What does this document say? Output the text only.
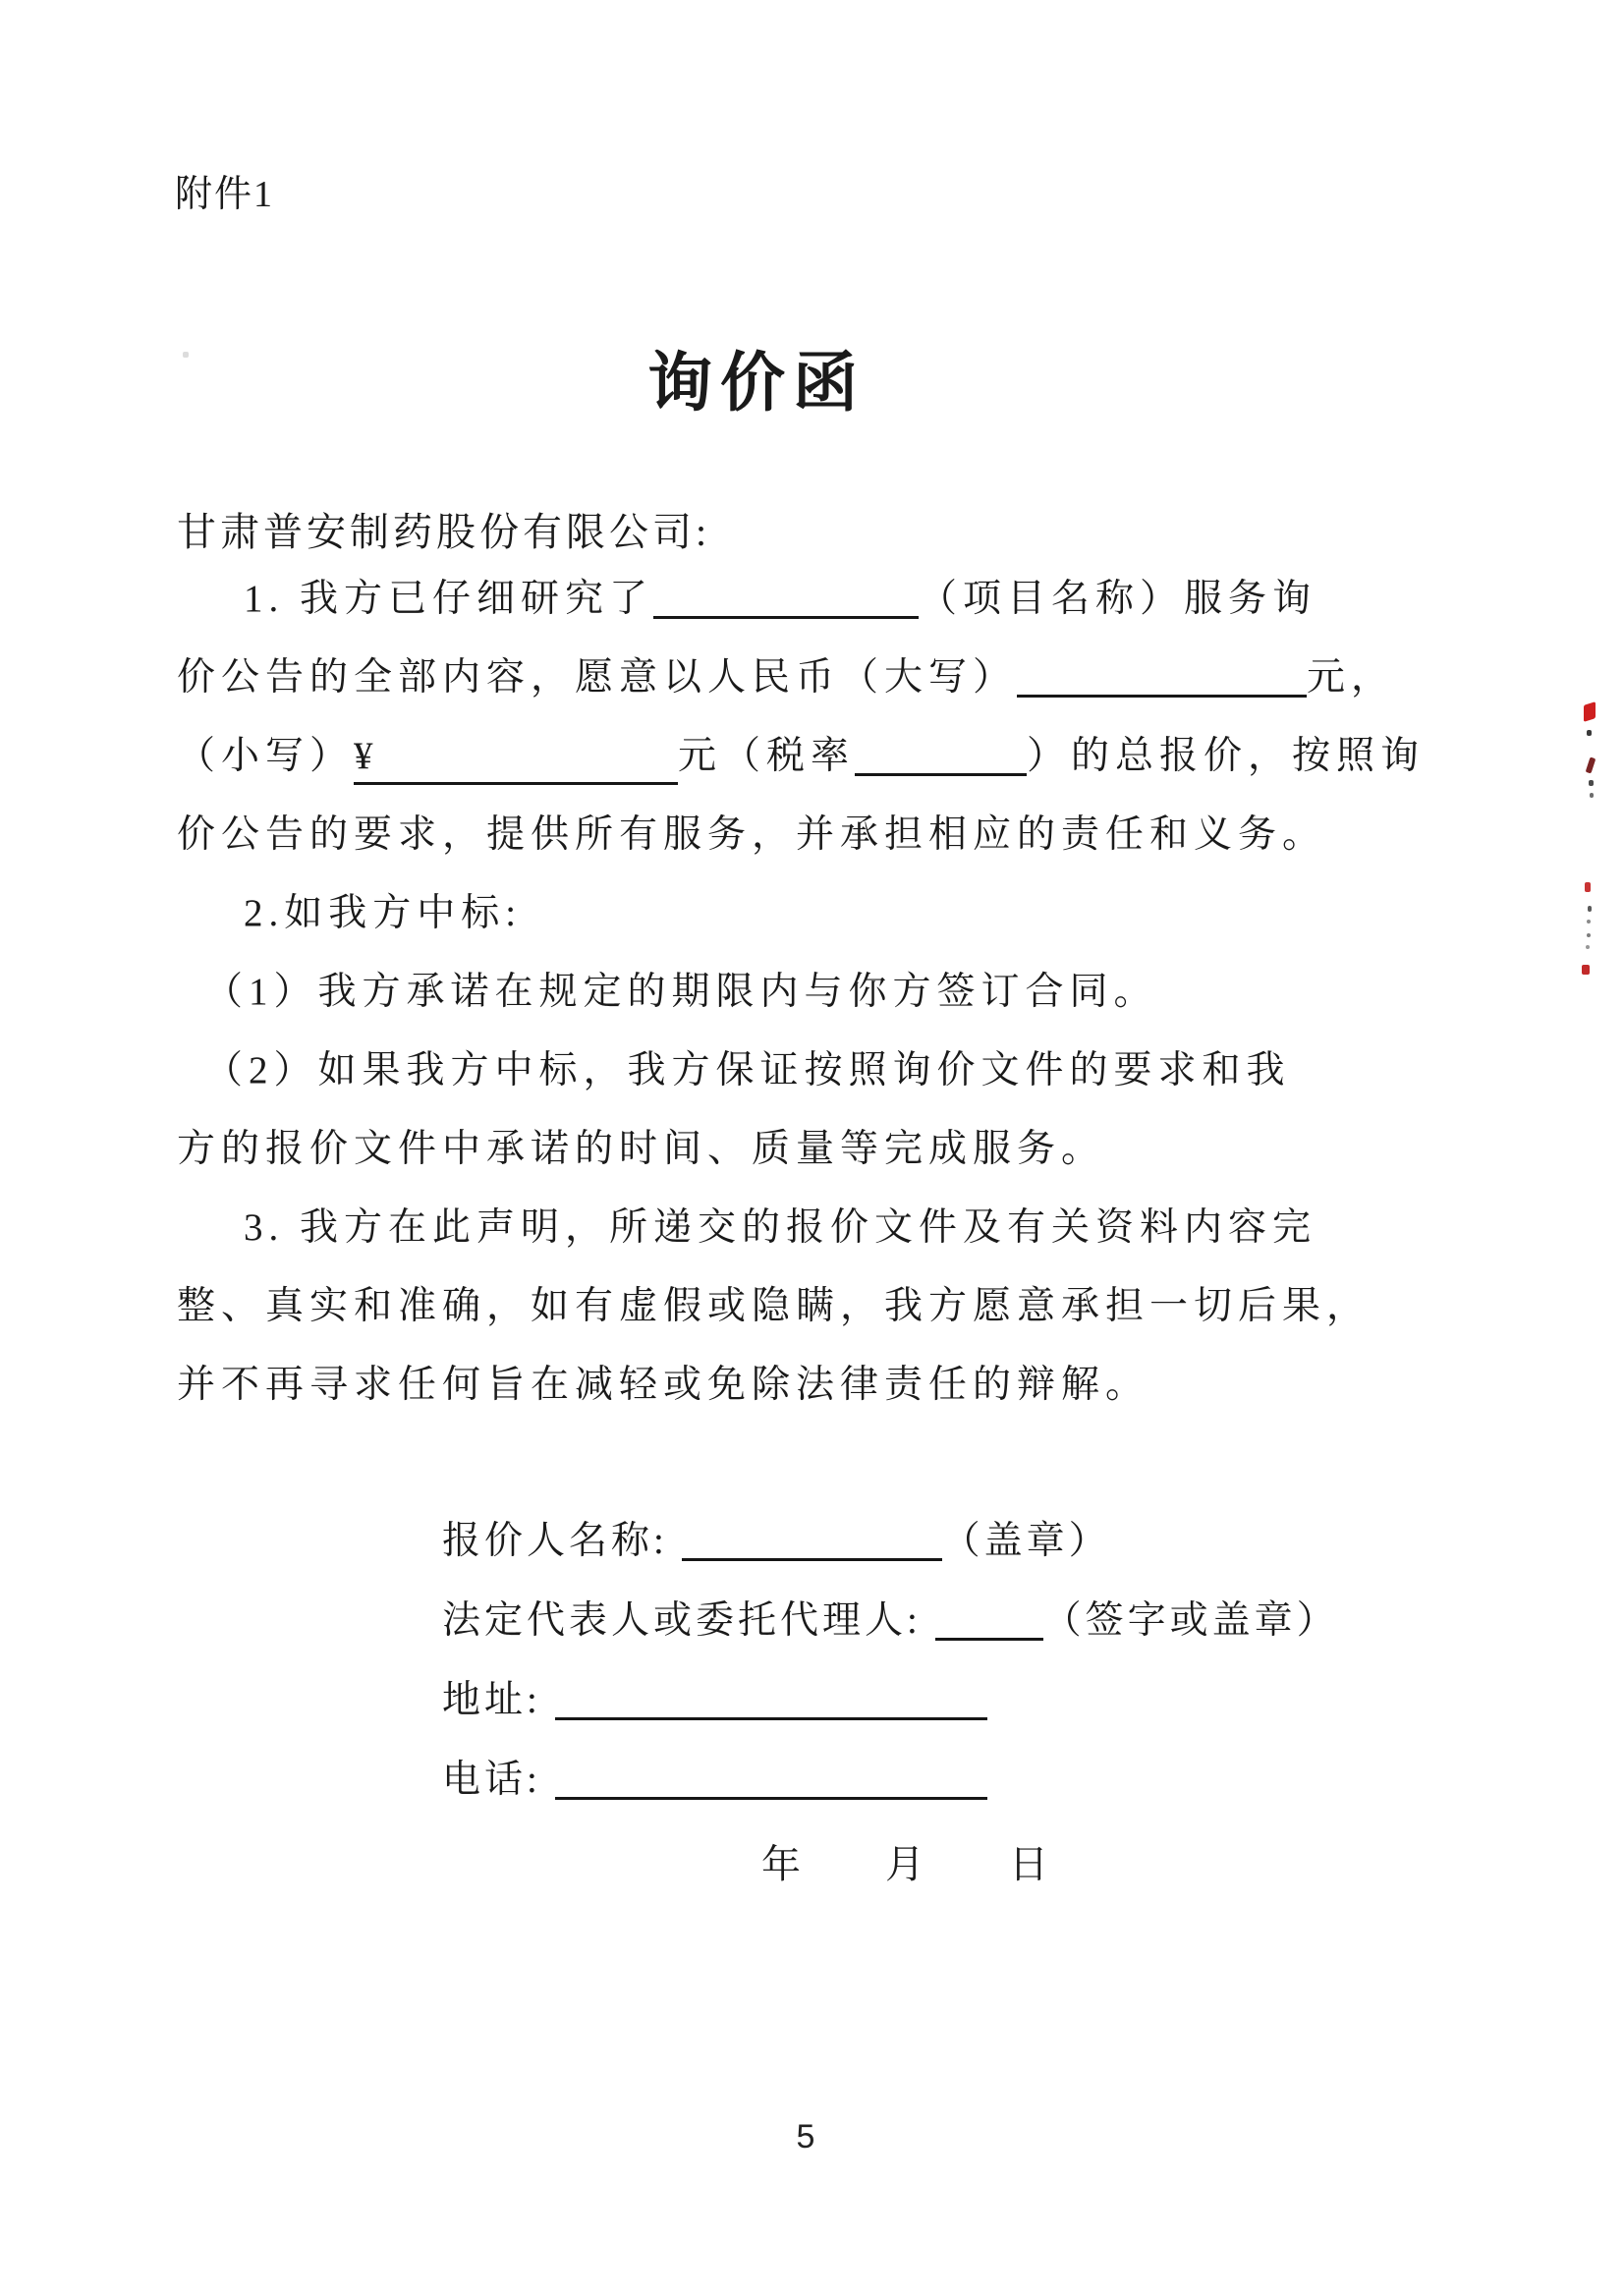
附件1
询价函
甘肃普安制药股份有限公司:
1. 我方已仔细研究了	（项目名称）服务询
价公告的全部内容，愿意以人民币（大写）	元，
（小写）¥	元（税率	）的总报价，按照询
价公告的要求，提供所有服务，并承担相应的责任和义务。
2.如我方中标:
（1）我方承诺在规定的期限内与你方签订合同。
（2）如果我方中标，我方保证按照询价文件的要求和我
方的报价文件中承诺的时间、质量等完成服务。
3. 我方在此声明，所递交的报价文件及有关资料内容完
整、真实和准确，如有虚假或隐瞒，我方愿意承担一切后果，
并不再寻求任何旨在减轻或免除法律责任的辩解。
报价人名称:	（盖章）
法定代表人或委托代理人:	（签字或盖章）
地址:
电话:
年　　月　　日
5
